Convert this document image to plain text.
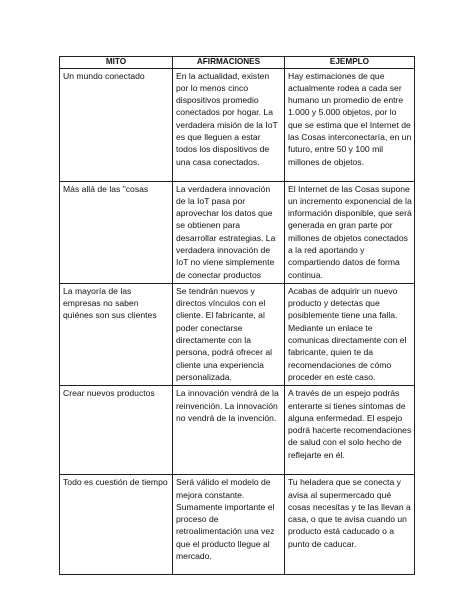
MITO	AFIRMACIONES	EJEMPLO
Un mundo conectado	En la actualidad, existen por lo menos cinco dispositivos promedio conectados por hogar. La verdadera misión de la IoT es que lleguen a estar todos los dispositivos de una casa conectados.	Hay estimaciones de que actualmente rodea a cada ser humano un promedio de entre 1.000 y 5.000 objetos, por lo que se estima que el Internet de las Cosas interconectaría, en un futuro, entre 50 y 100 mil millones de objetos.
Más allá de las "cosas	La verdadera innovación de la IoT pasa por aprovechar los datos que se obtienen para desarrollar estrategias. La verdadera innovación de IoT no viene simplemente de conectar productos	El Internet de las Cosas supone un incremento exponencial de la información disponible, que será generada en gran parte por millones de objetos conectados a la red aportando y compartiendo datos de forma continua.
La mayoría de las empresas no saben quiénes son sus clientes	Se tendrán nuevos y directos vínculos con el cliente. El fabricante, al poder conectarse directamente con la persona, podrá ofrecer al cliente una experiencia personalizada.	Acabas de adquirir un nuevo producto y detectas que posiblemente tiene una falla. Mediante un enlace te comunicas directamente con el fabricante, quien te da recomendaciones de cómo proceder en este caso.
Crear nuevos productos	La innovación vendrá de la reinvención. La innovación no vendrá de la invención.	A través de un espejo podrás enterarte si tienes síntomas de alguna enfermedad. El espejo podrá hacerte recomendaciones de salud con el solo hecho de reflejarte en él.
Todo es cuestión de tiempo	Será válido el modelo de mejora constante. Sumamente importante el proceso de retroalimentación una vez que el producto llegue al mercado.	Tu heladera que se conecta y avisa al supermercado qué cosas necesitas y te las llevan a casa, o que te avisa cuando un producto está caducado o a punto de caducar.
